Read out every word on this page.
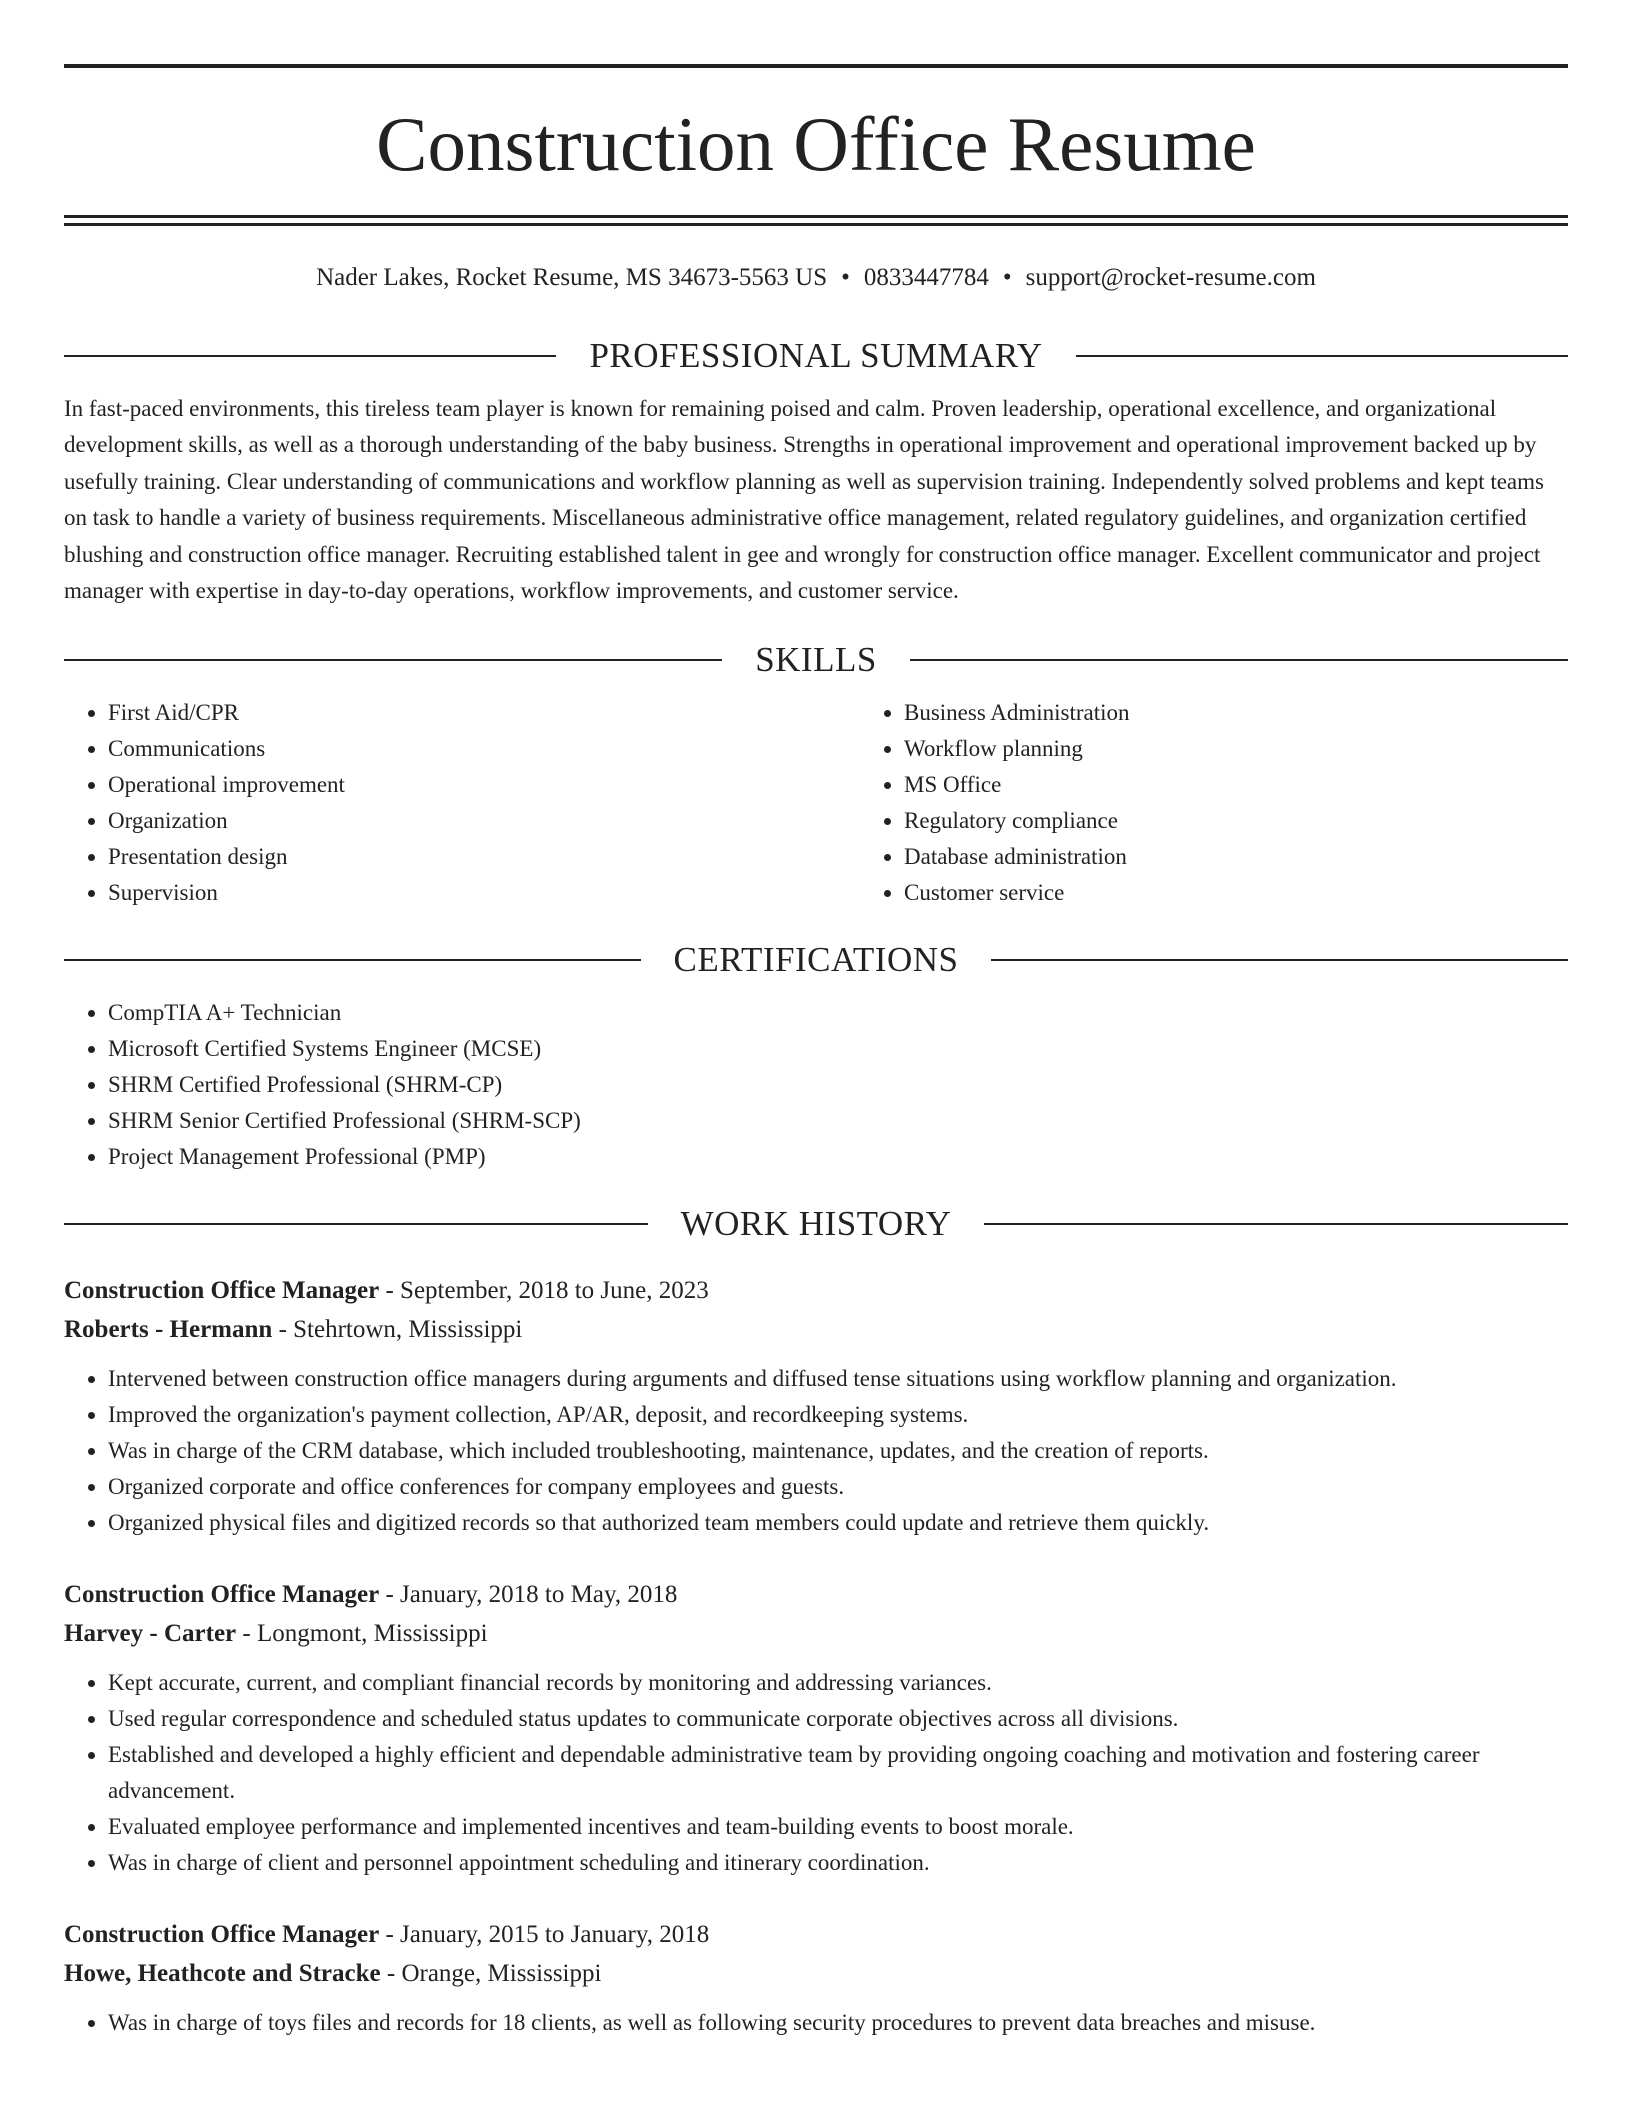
Construction Office Resume
Nader Lakes, Rocket Resume, MS 34673-5563 US • 0833447784 • support@rocket-resume.com
PROFESSIONAL SUMMARY

In fast-paced environments, this tireless team player is known for remaining poised and calm. Proven leadership, operational excellence, and organizational development skills, as well as a thorough understanding of the baby business. Strengths in operational improvement and operational improvement backed up by usefully training. Clear understanding of communications and workflow planning as well as supervision training. Independently solved problems and kept teams on task to handle a variety of business requirements. Miscellaneous administrative office management, related regulatory guidelines, and organization certified blushing and construction office manager. Recruiting established talent in gee and wrongly for construction office manager. Excellent communicator and project manager with expertise in day-to-day operations, workflow improvements, and customer service.

SKILLS
• First Aid/CPR
• Communications
• Operational improvement
• Organization
• Presentation design
• Supervision
• Business Administration
• Workflow planning
• MS Office
• Regulatory compliance
• Database administration
• Customer service
CERTIFICATIONS
• CompTIA A+ Technician
• Microsoft Certified Systems Engineer (MCSE)
• SHRM Certified Professional (SHRM-CP)
• SHRM Senior Certified Professional (SHRM-SCP)
• Project Management Professional (PMP)
WORK HISTORY
Construction Office Manager - September, 2018 to June, 2023
Roberts - Hermann - Stehrtown, Mississippi
• Intervened between construction office managers during arguments and diffused tense situations using workflow planning and organization.
• Improved the organization's payment collection, AP/AR, deposit, and recordkeeping systems.
• Was in charge of the CRM database, which included troubleshooting, maintenance, updates, and the creation of reports.
• Organized corporate and office conferences for company employees and guests.
• Organized physical files and digitized records so that authorized team members could update and retrieve them quickly.
Construction Office Manager - January, 2018 to May, 2018
Harvey - Carter - Longmont, Mississippi
• Kept accurate, current, and compliant financial records by monitoring and addressing variances.
• Used regular correspondence and scheduled status updates to communicate corporate objectives across all divisions.
• Established and developed a highly efficient and dependable administrative team by providing ongoing coaching and motivation and fostering career advancement.
• Evaluated employee performance and implemented incentives and team-building events to boost morale.
• Was in charge of client and personnel appointment scheduling and itinerary coordination.
Construction Office Manager - January, 2015 to January, 2018
Howe, Heathcote and Stracke - Orange, Mississippi
• Was in charge of toys files and records for 18 clients, as well as following security procedures to prevent data breaches and misuse.
